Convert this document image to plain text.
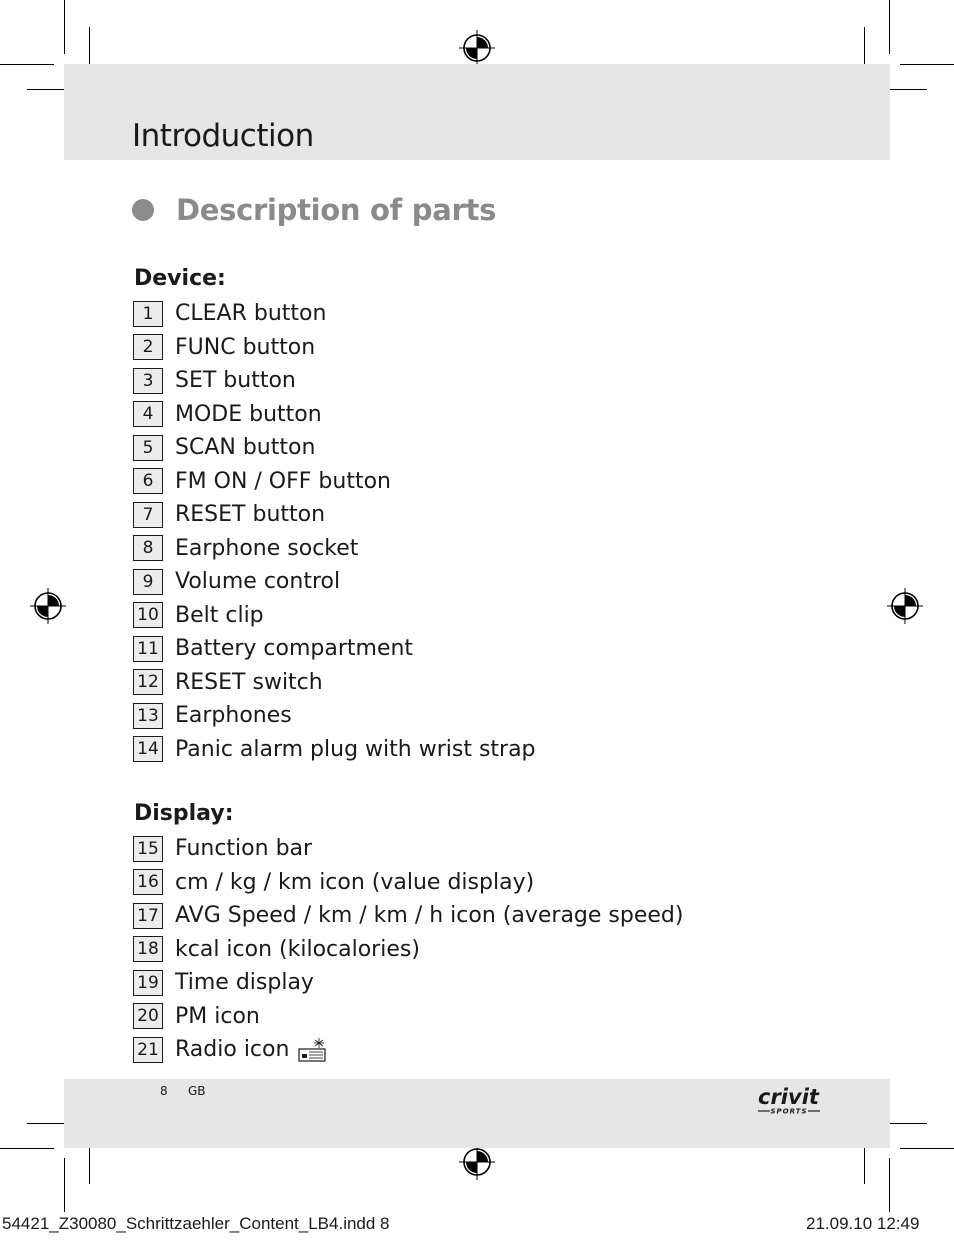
Introduction
Description of parts
Device:
1 CLEAR button
2 FUNC button
3 SET button
4 MODE button
5 SCAN button
6 FM ON / OFF button
7 RESET button
8 Earphone socket
9 Volume control
10 Belt clip
11 Battery compartment
12 RESET switch
13 Earphones
14 Panic alarm plug with wrist strap
Display:
15 Function bar
16 cm / kg / km icon (value display)
17 AVG Speed / km / km / h icon (average speed)
18 kcal icon (kilocalories)
19 Time display
20 PM icon
21 Radio icon
8 GB	crivit
SPORTS
54421_Z30080_Schrittzaehler_Content_LB4.indd 8	21.09.10 12:49
